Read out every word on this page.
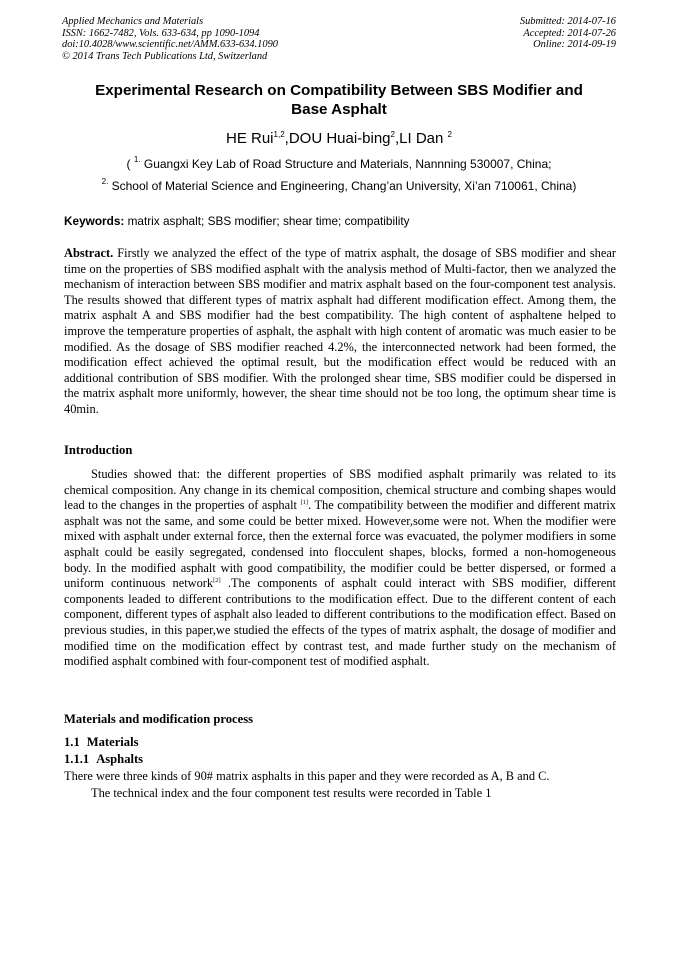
Applied Mechanics and Materials
ISSN: 1662-7482, Vols. 633-634, pp 1090-1094
doi:10.4028/www.scientific.net/AMM.633-634.1090
© 2014 Trans Tech Publications Ltd, Switzerland
Submitted: 2014-07-16
Accepted: 2014-07-26
Online: 2014-09-19
Experimental Research on Compatibility Between SBS Modifier and
Base Asphalt
HE Rui$^{1,2}$,DOU Huai-bing$^2$,LI Dan $^2$
( $^{1.}$ Guangxi Key Lab of Road Structure and Materials, Nannning 530007, China;
$^{2.}$ School of Material Science and Engineering, Chang’an University, Xi’an 710061, China)
Keywords: matrix asphalt; SBS modifier; shear time; compatibility
Abstract. Firstly we analyzed the effect of the type of matrix asphalt, the dosage of SBS modifier and shear time on the properties of SBS modified asphalt with the analysis method of Multi-factor, then we analyzed the mechanism of interaction between SBS modifier and matrix asphalt based on the four-component test analysis. The results showed that different types of matrix asphalt had different modification effect. Among them, the matrix asphalt A and SBS modifier had the best compatibility. The high content of asphaltene helped to improve the temperature properties of asphalt, the asphalt with high content of aromatic was much easier to be modified. As the dosage of SBS modifier reached 4.2%, the interconnected network had been formed, the modification effect achieved the optimal result, but the modification effect would be reduced with an additional contribution of SBS modifier. With the prolonged shear time, SBS modifier could be dispersed in the matrix asphalt more uniformly, however, the shear time should not be too long, the optimum shear time is 40min.
Introduction
Studies showed that: the different properties of SBS modified asphalt primarily was related to its chemical composition. Any change in its chemical composition, chemical structure and combing shapes would lead to the changes in the properties of asphalt [1]. The compatibility between the modifier and different matrix asphalt was not the same, and some could be better mixed. However,some were not. When the modifier were mixed with asphalt under external force, then the external force was evacuated, the polymer modifiers in some asphalt could be easily segregated, condensed into flocculent shapes, blocks, formed a non-homogeneous body. In the modified asphalt with good compatibility, the modifier could be better dispersed, or formed a uniform continuous network[2] .The components of asphalt could interact with SBS modifier, different components leaded to different contributions to the modification effect. Due to the different content of each component, different types of asphalt also leaded to different contributions to the modification effect. Based on previous studies, in this paper,we studied the effects of the types of matrix asphalt, the dosage of modifier and modified time on the modification effect by contrast test, and made further study on the mechanism of modified asphalt combined with four-component test of modified asphalt.
Materials and modification process
1.1 Materials
1.1.1 Asphalts
There were three kinds of 90# matrix asphalts in this paper and they were recorded as A, B and C.
The technical index and the four component test results were recorded in Table 1
